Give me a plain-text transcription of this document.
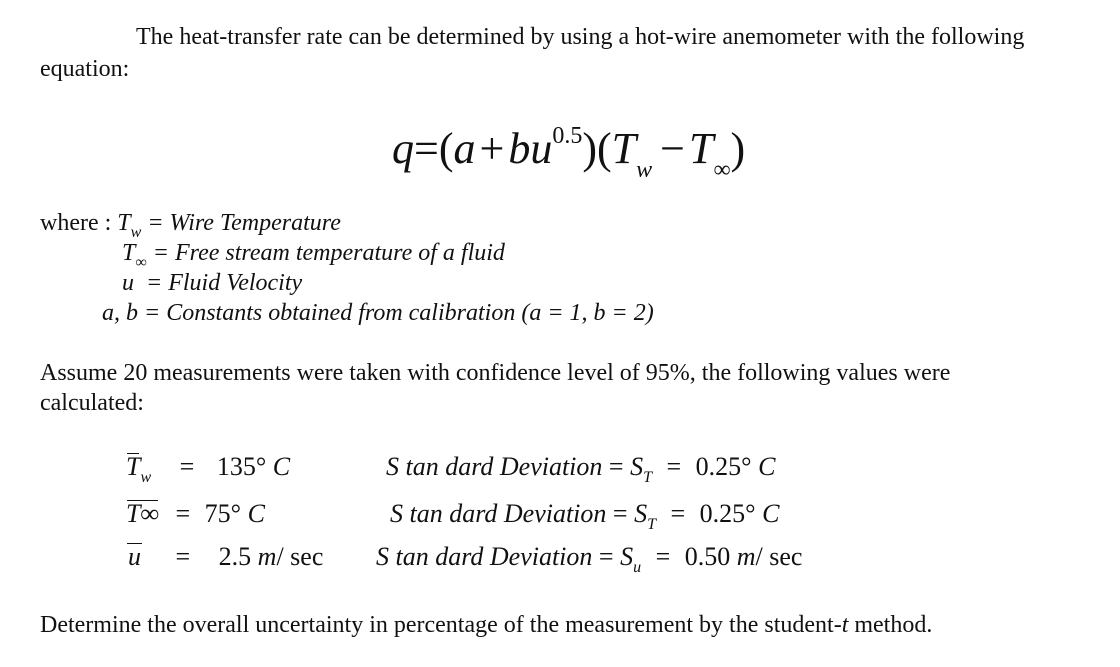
The heat-transfer rate can be determined by using a hot-wire anemometer with the following
equation:
$q=(a+bu^{0.5})(T_w -T_\infty)$
where : $T_w$ = Wire Temperature
$T_\infty$ = Free stream temperature of a fluid
u = Fluid Velocity
a, b = Constants obtained from calibration (a = 1, b = 2)
Assume 20 measurements were taken with confidence level of 95%, the following values were
calculated:
$T_w = 135^\circ$ C	S tan dard Deviation = $S_T = 0.25^\circ$ C
T∞ = 75° C	S tan dard Deviation = $S_T = 0.25^\circ$ C
u = 2.5 m/ sec S tan dard Deviation = $S_u = 0.50$ m/ sec
Determine the overall uncertainty in percentage of the measurement by the student-t method.
